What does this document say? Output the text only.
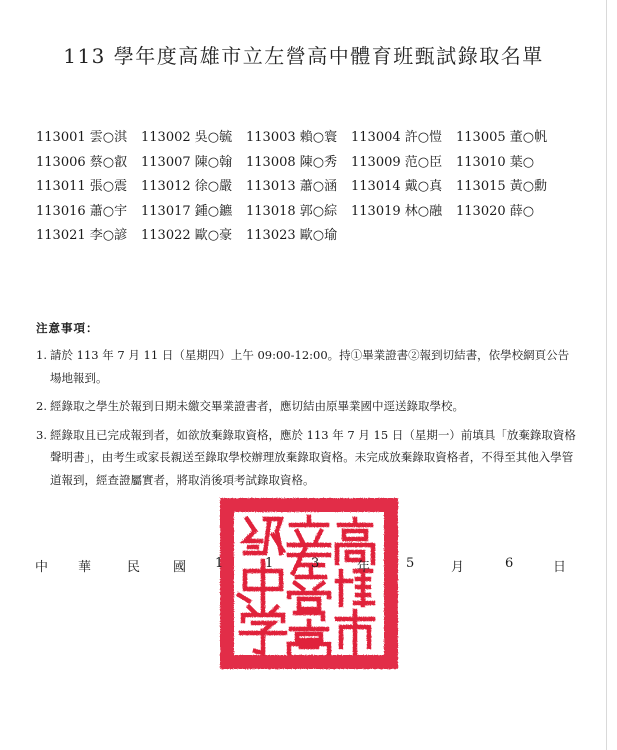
113 學年度高雄市立左營高中體育班甄試錄取名單
113001 雲○淇	113002 吳○毓	113003 賴○寰	113004 許○愷	113005 董○帆
113006 蔡○叡	113007 陳○翰	113008 陳○秀	113009 范○臣	113010 葉○
113011 張○震	113012 徐○嚴	113013 蕭○涵	113014 戴○真	113015 黃○勳
113016 蕭○宇	113017 鍾○鑣	113018 郭○綜	113019 林○融	113020 薛○
113021 李○諺	113022 歐○豪	113023 歐○瑜
注意事項：
1. 請於 113 年 7 月 11 日（星期四）上午 09:00-12:00。持①畢業證書②報到切結書，依學校網頁公告場地報到。
2. 經錄取之學生於報到日期未繳交畢業證書者，應切結由原畢業國中逕送錄取學校。
3. 經錄取且已完成報到者，如欲放棄錄取資格，應於 113 年 7 月 15 日（星期一）前填具「放棄錄取資格聲明書」，由考生或家長親送至錄取學校辦理放棄錄取資格。未完成放棄錄取資格者，不得至其他入學管道報到，經查證屬實者，將取消後項考試錄取資格。
中 華	民	國 1	1	3	年	5	月	6	日
